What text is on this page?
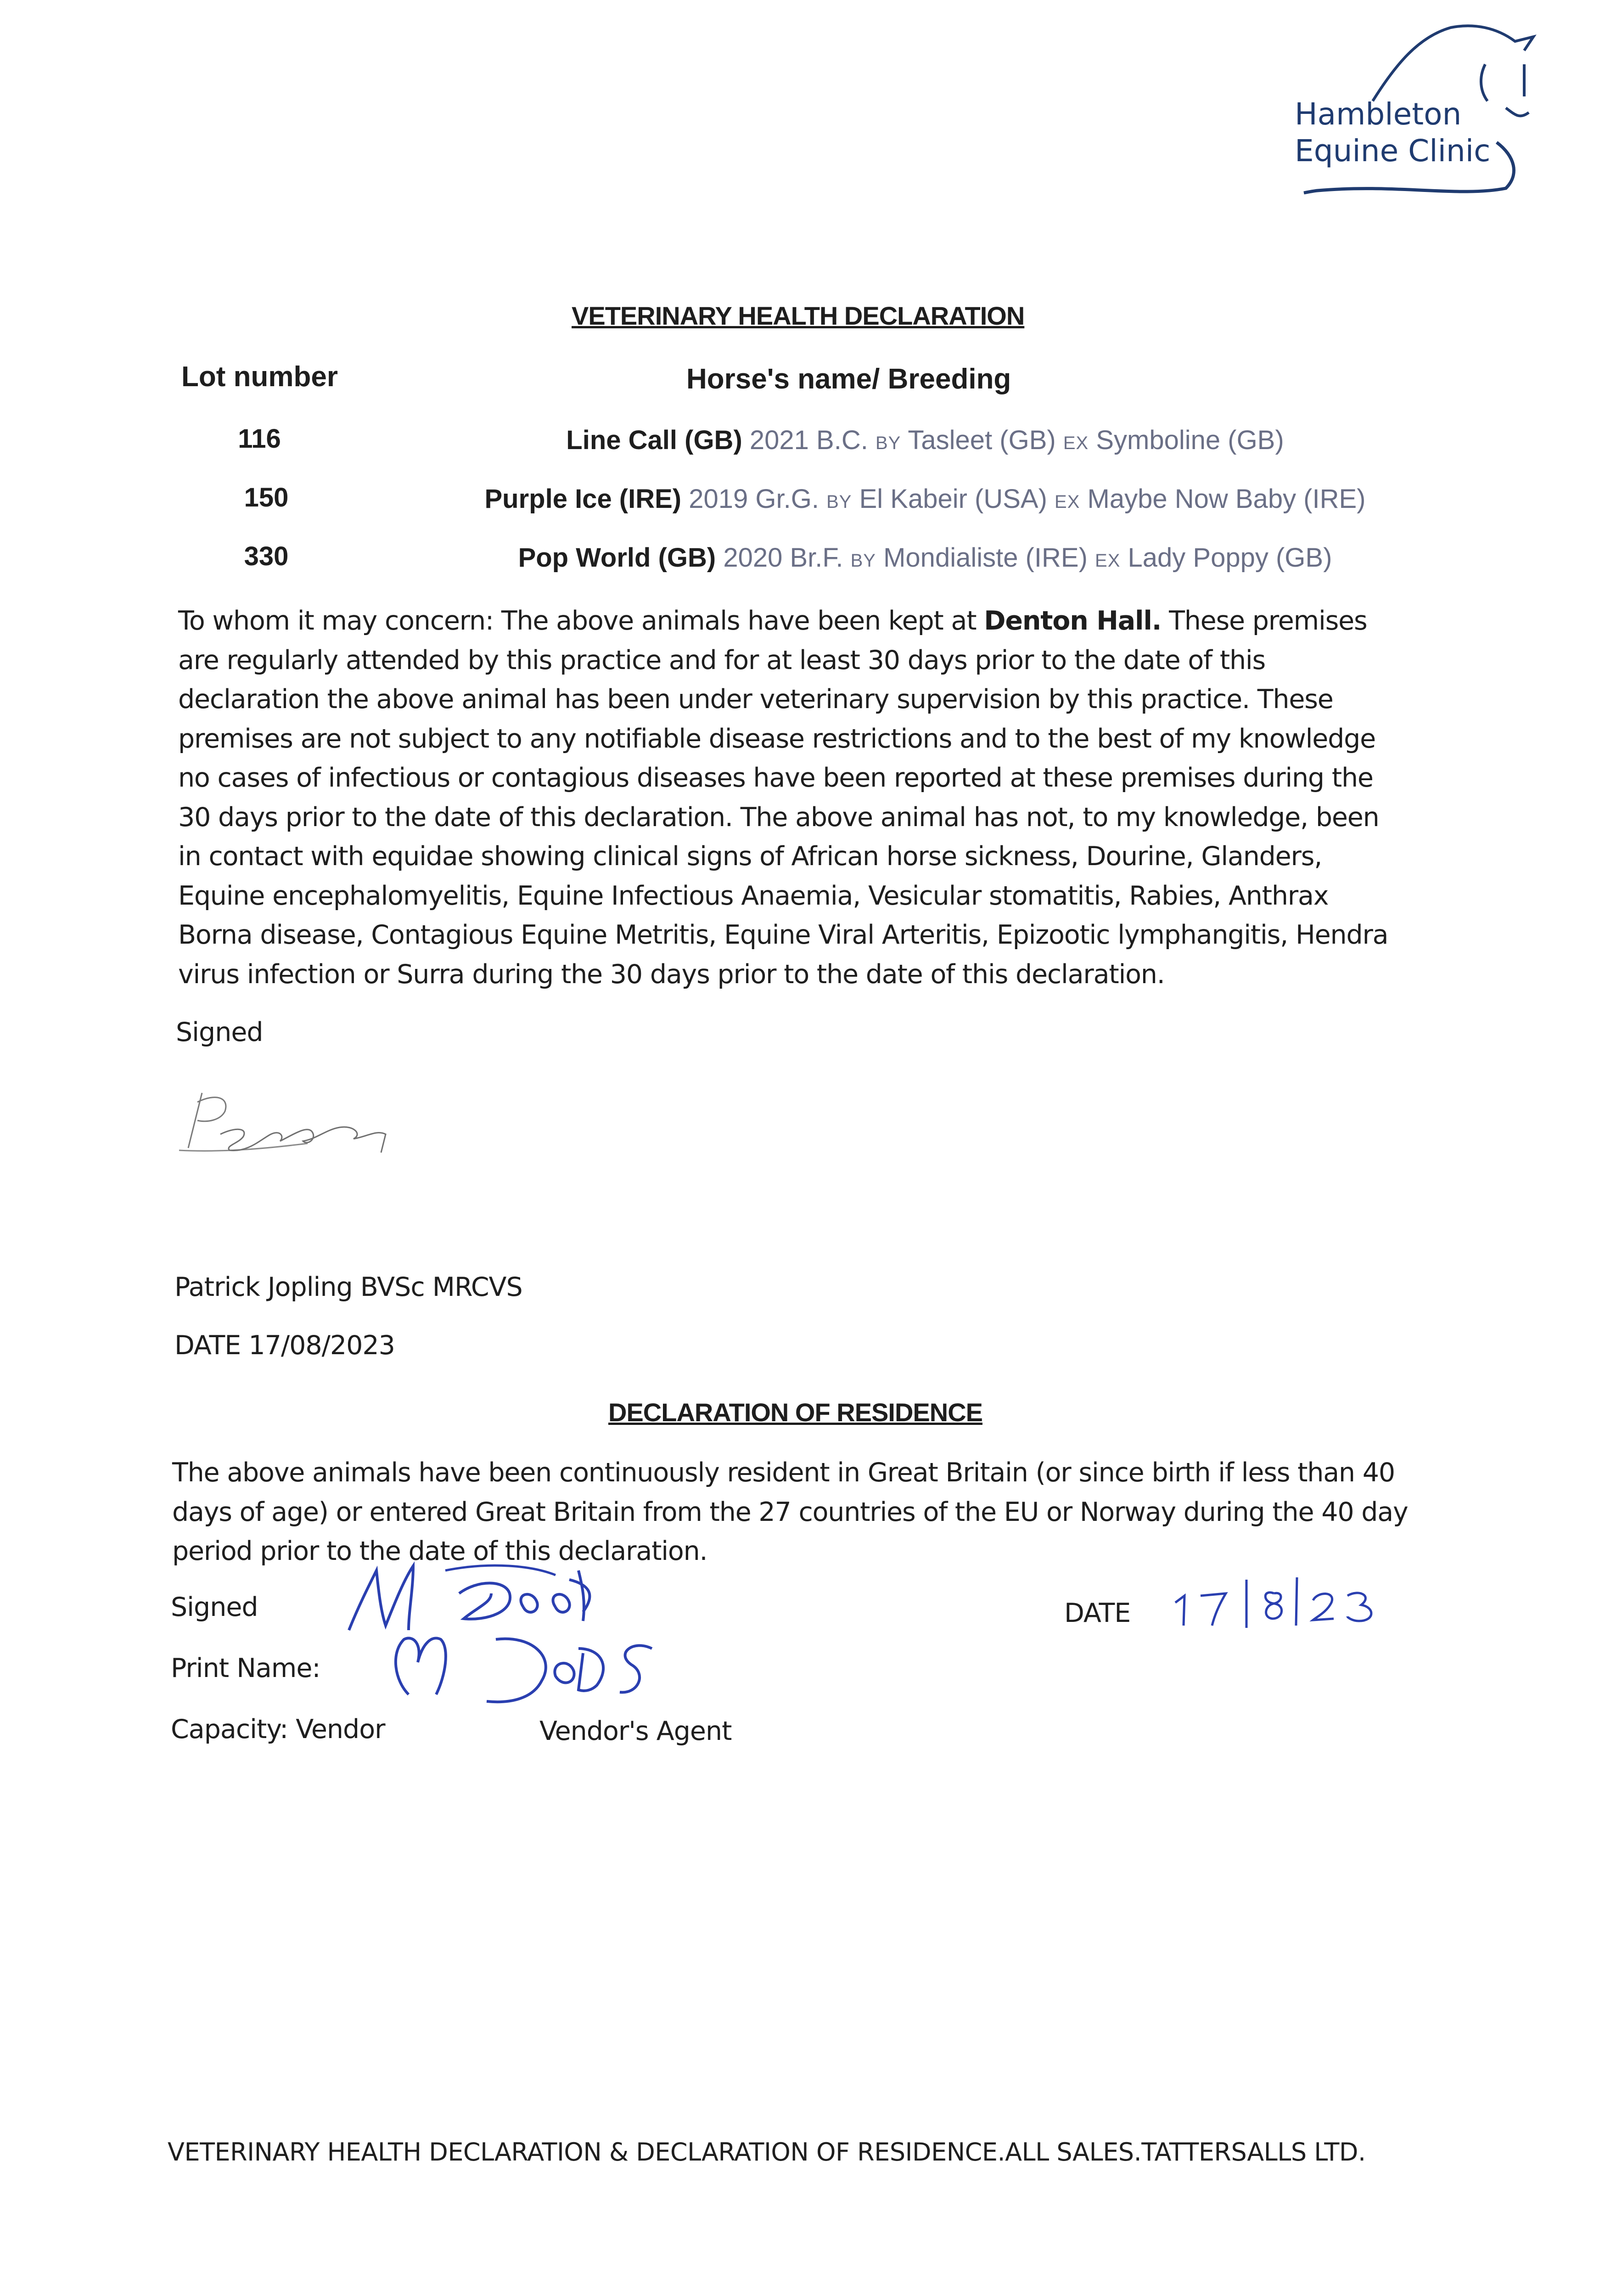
Hambleton
Equine Clinic
VETERINARY HEALTH DECLARATION
Lot number	Horse's name/ Breeding
116	Line Call (GB) 2021 B.C. BY Tasleet (GB) EX Symboline (GB)
150	Purple Ice (IRE) 2019 Gr.G. BY El Kabeir (USA) EX Maybe Now Baby (IRE)
330	Pop World (GB) 2020 Br.F. BY Mondialiste (IRE) EX Lady Poppy (GB)
To whom it may concern: The above animals have been kept at Denton Hall. These premises are regularly attended by this practice and for at least 30 days prior to the date of this declaration the above animal has been under veterinary supervision by this practice. These premises are not subject to any notifiable disease restrictions and to the best of my knowledge no cases of infectious or contagious diseases have been reported at these premises during the 30 days prior to the date of this declaration. The above animal has not, to my knowledge, been in contact with equidae showing clinical signs of African horse sickness, Dourine, Glanders, Equine encephalomyelitis, Equine Infectious Anaemia, Vesicular stomatitis, Rabies, Anthrax Borna disease, Contagious Equine Metritis, Equine Viral Arteritis, Epizootic lymphangitis, Hendra virus infection or Surra during the 30 days prior to the date of this declaration.
Signed
Patrick Jopling BVSc MRCVS
DATE 17/08/2023
DECLARATION OF RESIDENCE
The above animals have been continuously resident in Great Britain (or since birth if less than 40 days of age) or entered Great Britain from the 27 countries of the EU or Norway during the 40 day period prior to the date of this declaration.
Signed
Print Name:
Capacity: Vendor	Vendor's Agent
DATE
VETERINARY HEALTH DECLARATION & DECLARATION OF RESIDENCE.ALL SALES.TATTERSALLS LTD.
